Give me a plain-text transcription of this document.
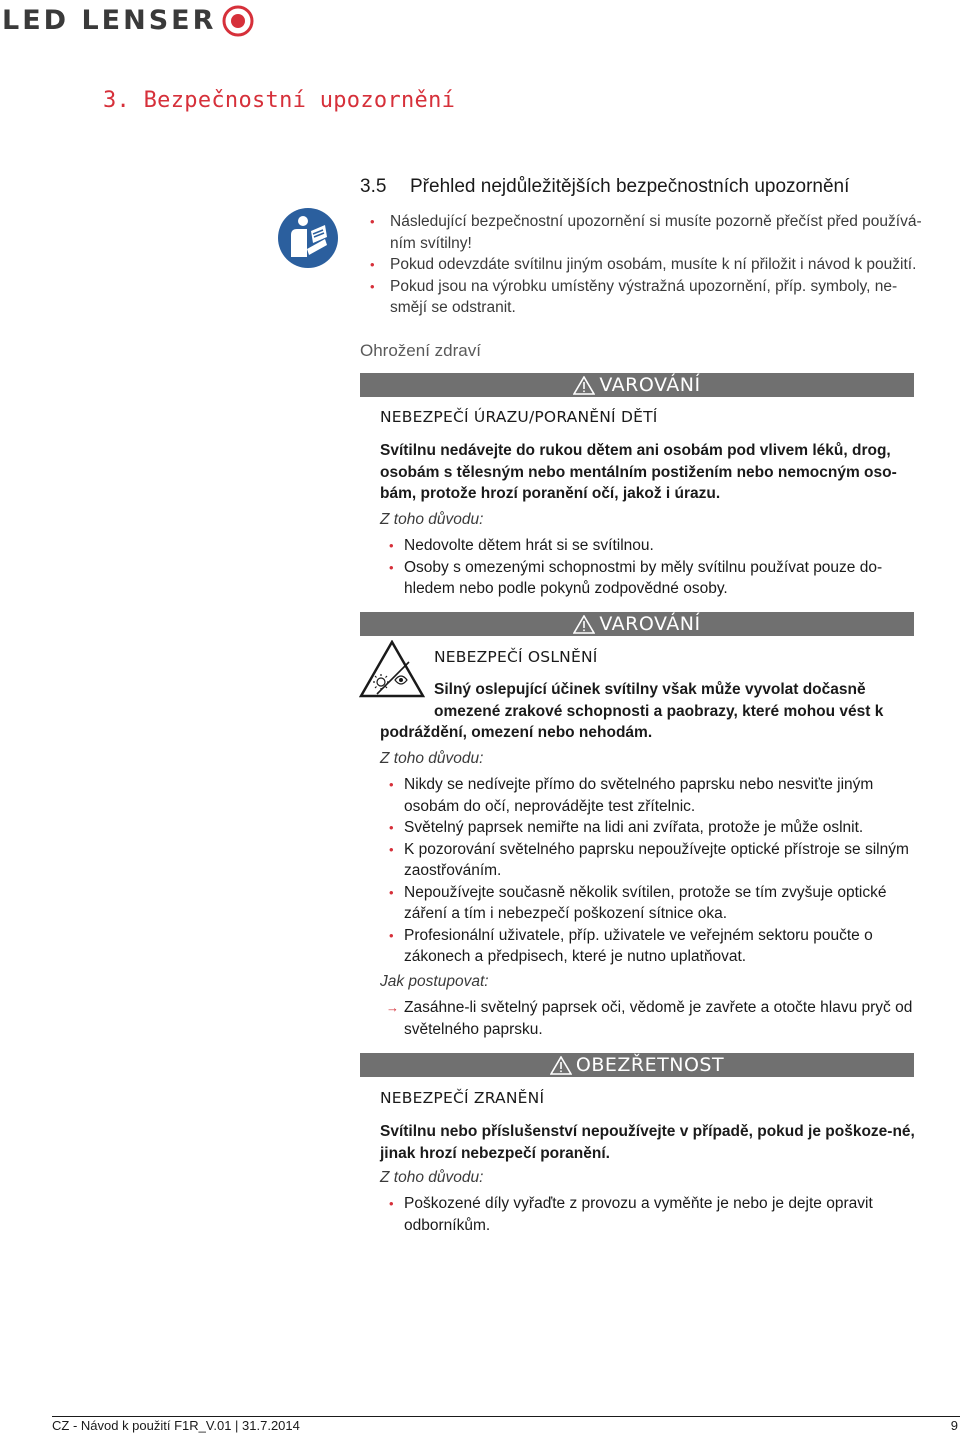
LED LENSER
3. Bezpečnostní upozornění
3.5 Přehled nejdůležitějších bezpečnostních upozornění
• Následující bezpečnostní upozornění si musíte pozorně přečíst před používá-ním svítilny!
• Pokud odevzdáte svítilnu jiným osobám, musíte k ní přiložit i návod k použití.
• Pokud jsou na výrobku umístěny výstražná upozornění, příp. symboly, ne-smějí se odstranit.
Ohrožení zdraví
VAROVÁNÍ
NEBEZPEČÍ ÚRAZU/PORANĚNÍ DĚTÍ

Svítilnu nedávejte do rukou dětem ani osobám pod vlivem léků, drog, osobám s tělesným nebo mentálním postižením nebo nemocným oso-bám, protože hrozí poranění očí, jakož i úrazu.

Z toho důvodu:

• Nedovolte dětem hrát si se svítilnou.
• Osoby s omezenými schopnostmi by měly svítilnu používat pouze do-hledem nebo podle pokynů zodpovědné osoby.
VAROVÁNÍ
NEBEZPEČÍ OSLNĚNÍ

Silný oslepující účinek svítilny však může vyvolat dočasně

omezené zrakové schopnosti a paobrazy, které mohou vést k

podráždění, omezení nebo nehodám.

Z toho důvodu:

• Nikdy se nedívejte přímo do světelného paprsku nebo nesviťte jiným osobám do očí, neprovádějte test zřítelnic.
• Světelný paprsek nemiřte na lidi ani zvířata, protože je může oslnit.
• K pozorování světelného paprsku nepoužívejte optické přístroje se silným zaostřováním.
• Nepoužívejte současně několik svítilen, protože se tím zvyšuje optické záření a tím i nebezpečí poškození sítnice oka.
• Profesionální uživatele, příp. uživatele ve veřejném sektoru poučte o zákonech a předpisech, které je nutno uplatňovat.

Jak postupovat:

→ Zasáhne-li světelný paprsek oči, vědomě je zavřete a otočte hlavu pryč od světelného paprsku.
OBEZŘETNOST
NEBEZPEČÍ ZRANĚNÍ

Svítilnu nebo příslušenství nepoužívejte v případě, pokud je poškoze-né, jinak hrozí nebezpečí poranění.

Z toho důvodu:

• Poškozené díly vyřaďte z provozu a vyměňte je nebo je dejte opravit odborníkům.
CZ - Návod k použití F1R_V.01 | 31.7.2014	9
